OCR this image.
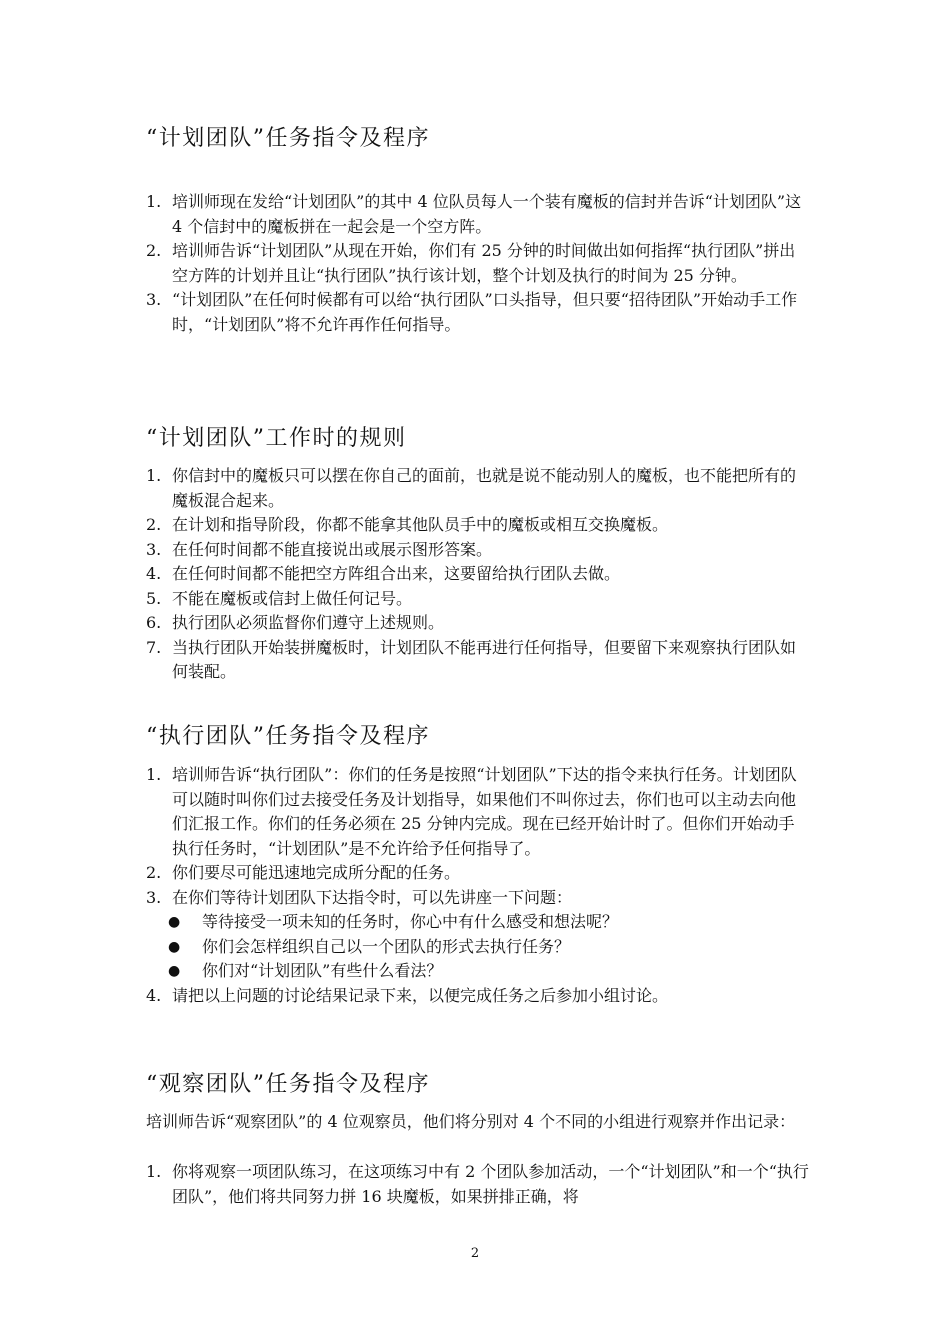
“计划团队”任务指令及程序
1. 培训师现在发给“计划团队”的其中 4 位队员每人一个装有魔板的信封并告诉“计划团队”这 4 个信封中的魔板拼在一起会是一个空方阵。
2. 培训师告诉“计划团队”从现在开始，你们有 25 分钟的时间做出如何指挥“执行团队”拼出空方阵的计划并且让“执行团队”执行该计划，整个计划及执行的时间为 25 分钟。
3. “计划团队”在任何时候都有可以给“执行团队”口头指导，但只要“招待团队”开始动手工作时，“计划团队”将不允许再作任何指导。
“计划团队”工作时的规则
1. 你信封中的魔板只可以摆在你自己的面前，也就是说不能动别人的魔板，也不能把所有的魔板混合起来。
2. 在计划和指导阶段，你都不能拿其他队员手中的魔板或相互交换魔板。
3. 在任何时间都不能直接说出或展示图形答案。
4. 在任何时间都不能把空方阵组合出来，这要留给执行团队去做。
5. 不能在魔板或信封上做任何记号。
6. 执行团队必须监督你们遵守上述规则。
7. 当执行团队开始装拼魔板时，计划团队不能再进行任何指导，但要留下来观察执行团队如何装配。
“执行团队”任务指令及程序
1. 培训师告诉“执行团队”：你们的任务是按照“计划团队”下达的指令来执行任务。计划团队可以随时叫你们过去接受任务及计划指导，如果他们不叫你过去，你们也可以主动去向他们汇报工作。你们的任务必须在 25 分钟内完成。现在已经开始计时了。但你们开始动手执行任务时，“计划团队”是不允许给予任何指导了。
2. 你们要尽可能迅速地完成所分配的任务。
3. 在你们等待计划团队下达指令时，可以先讲座一下问题：
● 等待接受一项未知的任务时，你心中有什么感受和想法呢？
● 你们会怎样组织自己以一个团队的形式去执行任务？
● 你们对“计划团队”有些什么看法？
4. 请把以上问题的讨论结果记录下来，以便完成任务之后参加小组讨论。
“观察团队”任务指令及程序

培训师告诉“观察团队”的 4 位观察员，他们将分别对 4 个不同的小组进行观察并作出记录：

1. 你将观察一项团队练习，在这项练习中有 2 个团队参加活动，一个“计划团队”和一个“执行团队”，他们将共同努力拼 16 块魔板，如果拼排正确，将
2
